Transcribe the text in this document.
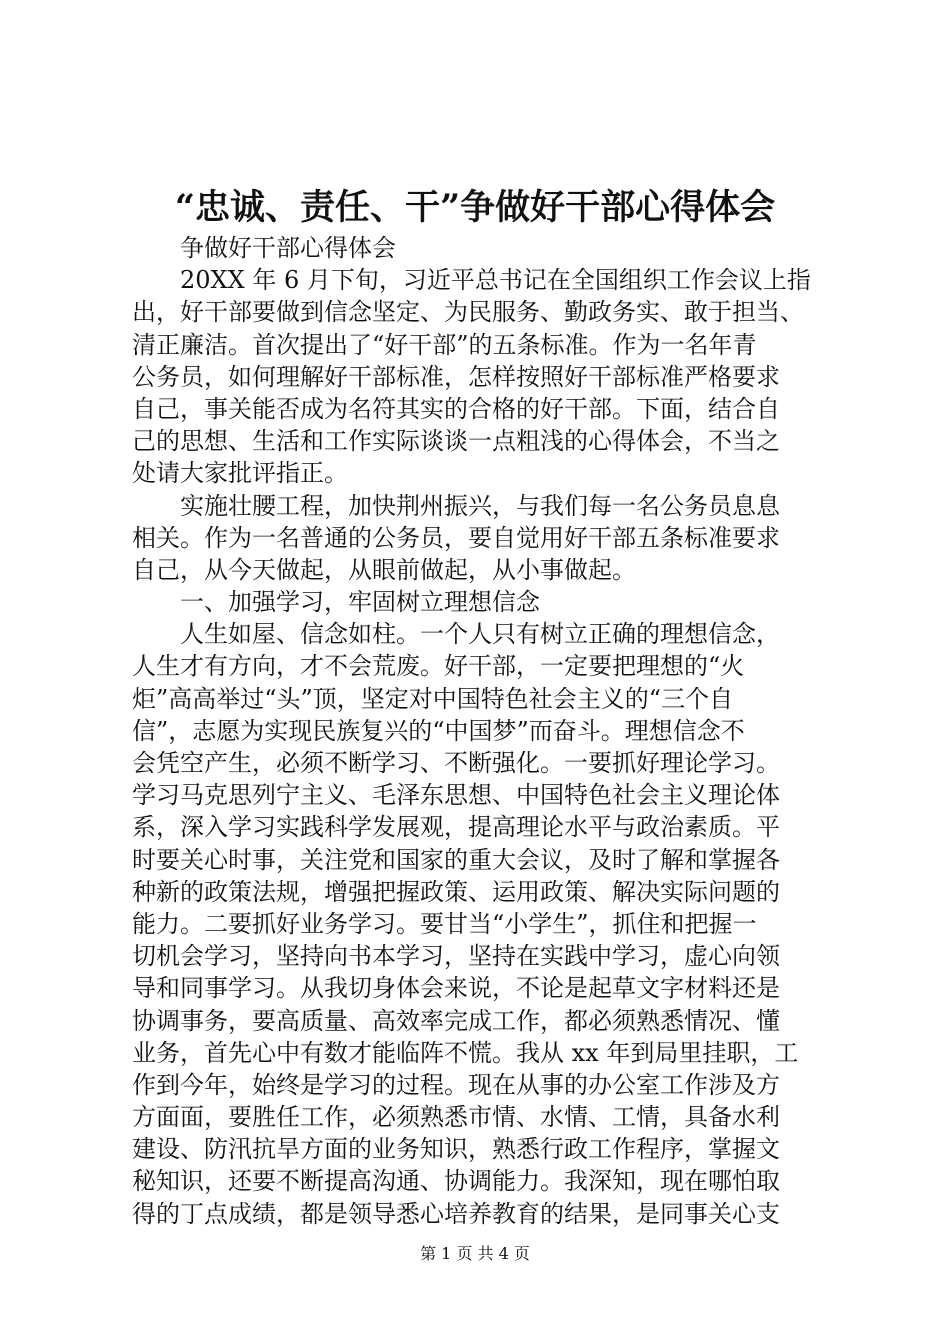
“忠诚、责任、干”争做好干部心得体会
　　争做好干部心得体会
　　20XX 年 6 月下旬，习近平总书记在全国组织工作会议上指
出，好干部要做到信念坚定、为民服务、勤政务实、敢于担当、
清正廉洁。首次提出了“好干部”的五条标准。作为一名年青
公务员，如何理解好干部标准，怎样按照好干部标准严格要求
自己，事关能否成为名符其实的合格的好干部。下面，结合自
己的思想、生活和工作实际谈谈一点粗浅的心得体会，不当之
处请大家批评指正。
　　实施壮腰工程，加快荆州振兴，与我们每一名公务员息息
相关。作为一名普通的公务员，要自觉用好干部五条标准要求
自己，从今天做起，从眼前做起，从小事做起。
　　一、加强学习，牢固树立理想信念
　　人生如屋、信念如柱。一个人只有树立正确的理想信念，
人生才有方向，才不会荒废。好干部，一定要把理想的“火
炬”高高举过“头”顶，坚定对中国特色社会主义的“三个自
信”，志愿为实现民族复兴的“中国梦”而奋斗。理想信念不
会凭空产生，必须不断学习、不断强化。一要抓好理论学习。
学习马克思列宁主义、毛泽东思想、中国特色社会主义理论体
系，深入学习实践科学发展观，提高理论水平与政治素质。平
时要关心时事，关注党和国家的重大会议，及时了解和掌握各
种新的政策法规，增强把握政策、运用政策、解决实际问题的
能力。二要抓好业务学习。要甘当“小学生”，抓住和把握一
切机会学习，坚持向书本学习，坚持在实践中学习，虚心向领
导和同事学习。从我切身体会来说，不论是起草文字材料还是
协调事务，要高质量、高效率完成工作，都必须熟悉情况、懂
业务，首先心中有数才能临阵不慌。我从 xx 年到局里挂职，工
作到今年，始终是学习的过程。现在从事的办公室工作涉及方
方面面，要胜任工作，必须熟悉市情、水情、工情，具备水利
建设、防汛抗旱方面的业务知识，熟悉行政工作程序，掌握文
秘知识，还要不断提高沟通、协调能力。我深知，现在哪怕取
得的丁点成绩，都是领导悉心培养教育的结果，是同事关心支
第 1 页 共 4 页
